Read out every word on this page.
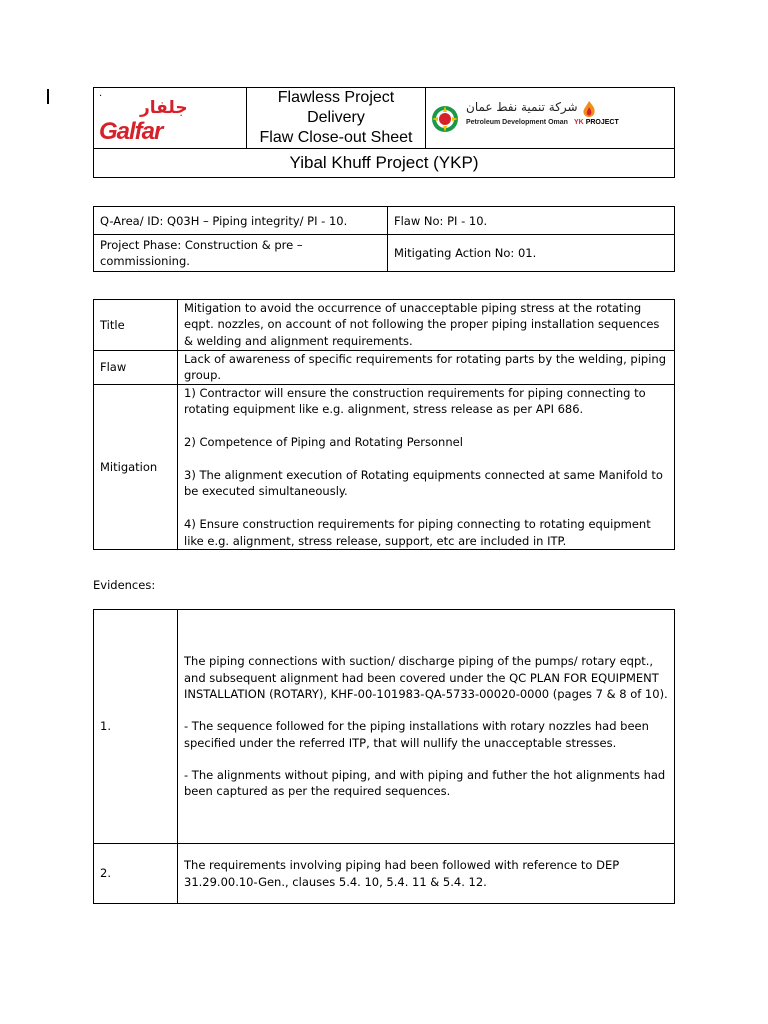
.
جلفار
Galfar

Flawless Project Delivery
Flaw Close-out Sheet

شركة تنمية نفط عمان
Petroleum Development Oman YK PROJECT

Yibal Khuff Project (YKP)
Q-Area/ ID: Q03H – Piping integrity/ PI - 10.	Flaw No: PI - 10.
Project Phase: Construction & pre – commissioning.	Mitigating Action No: 01.
Title	Mitigation to avoid the occurrence of unacceptable piping stress at the rotating eqpt. nozzles, on account of not following the proper piping installation sequences & welding and alignment requirements.
Flaw	Lack of awareness of specific requirements for rotating parts by the welding, piping group.
Mitigation	1) Contractor will ensure the construction requirements for piping connecting to rotating equipment like e.g. alignment, stress release as per API 686.

2) Competence of Piping and Rotating Personnel

3) The alignment execution of Rotating equipments connected at same Manifold to be executed simultaneously.

4) Ensure construction requirements for piping connecting to rotating equipment like e.g. alignment, stress release, support, etc are included in ITP.

Evidences:
1.	The piping connections with suction/ discharge piping of the pumps/ rotary eqpt., and subsequent alignment had been covered under the QC PLAN FOR EQUIPMENT INSTALLATION (ROTARY), KHF-00-101983-QA-5733-00020-0000 (pages 7 & 8 of 10).

- The sequence followed for the piping installations with rotary nozzles had been specified under the referred ITP, that will nullify the unacceptable stresses.

- The alignments without piping, and with piping and futher the hot alignments had been captured as per the required sequences.

2.	The requirements involving piping had been followed with reference to DEP 31.29.00.10-Gen., clauses 5.4. 10, 5.4. 11 & 5.4. 12.
